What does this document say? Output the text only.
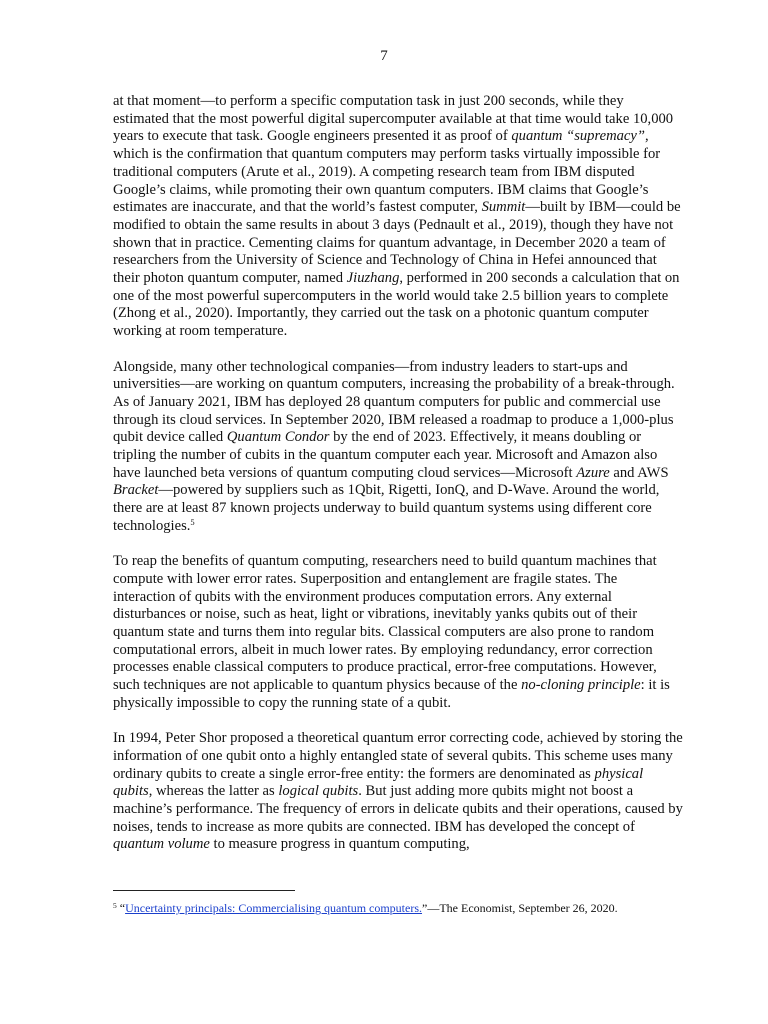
7

at that moment—to perform a specific computation task in just 200 seconds, while they estimated that the most powerful digital supercomputer available at that time would take 10,000 years to execute that task. Google engineers presented it as proof of quantum “supremacy”, which is the confirmation that quantum computers may perform tasks virtually impossible for traditional computers (Arute et al., 2019). A competing research team from IBM disputed Google’s claims, while promoting their own quantum computers. IBM claims that Google’s estimates are inaccurate, and that the world’s fastest computer, Summit—built by IBM—could be modified to obtain the same results in about 3 days (Pednault et al., 2019), though they have not shown that in practice. Cementing claims for quantum advantage, in December 2020 a team of researchers from the University of Science and Technology of China in Hefei announced that their photon quantum computer, named Jiuzhang, performed in 200 seconds a calculation that on one of the most powerful supercomputers in the world would take 2.5 billion years to complete (Zhong et al., 2020). Importantly, they carried out the task on a photonic quantum computer working at room temperature.

Alongside, many other technological companies—from industry leaders to start-ups and universities—are working on quantum computers, increasing the probability of a break-through. As of January 2021, IBM has deployed 28 quantum computers for public and commercial use through its cloud services. In September 2020, IBM released a roadmap to produce a 1,000-plus qubit device called Quantum Condor by the end of 2023. Effectively, it means doubling or tripling the number of cubits in the quantum computer each year. Microsoft and Amazon also have launched beta versions of quantum computing cloud services—Microsoft Azure and AWS Bracket—powered by suppliers such as 1Qbit, Rigetti, IonQ, and D-Wave. Around the world, there are at least 87 known projects underway to build quantum systems using different core technologies.$^5$

To reap the benefits of quantum computing, researchers need to build quantum machines that compute with lower error rates. Superposition and entanglement are fragile states. The interaction of qubits with the environment produces computation errors. Any external disturbances or noise, such as heat, light or vibrations, inevitably yanks qubits out of their quantum state and turns them into regular bits. Classical computers are also prone to random computational errors, albeit in much lower rates. By employing redundancy, error correction processes enable classical computers to produce practical, error-free computations. However, such techniques are not applicable to quantum physics because of the no-cloning principle: it is physically impossible to copy the running state of a qubit.

In 1994, Peter Shor proposed a theoretical quantum error correcting code, achieved by storing the information of one qubit onto a highly entangled state of several qubits. This scheme uses many ordinary qubits to create a single error-free entity: the formers are denominated as physical qubits, whereas the latter as logical qubits. But just adding more qubits might not boost a machine’s performance. The frequency of errors in delicate qubits and their operations, caused by noises, tends to increase as more qubits are connected. IBM has developed the concept of quantum volume to measure progress in quantum computing,

$^5$ “Uncertainty principals: Commercialising quantum computers.”—The Economist, September 26, 2020.
